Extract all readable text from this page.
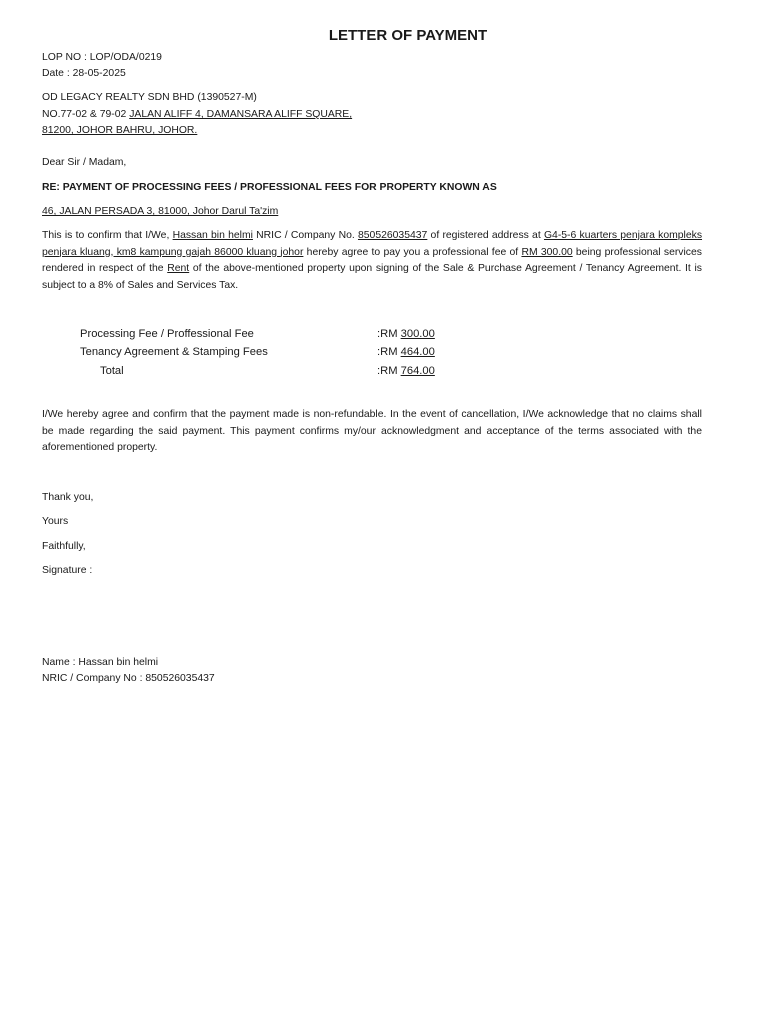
LETTER OF PAYMENT
LOP NO : LOP/ODA/0219
Date : 28-05-2025
OD LEGACY REALTY SDN BHD (1390527-M)
NO.77-02 & 79-02 JALAN ALIFF 4, DAMANSARA ALIFF SQUARE,
81200, JOHOR BAHRU, JOHOR.
Dear Sir / Madam,
RE: PAYMENT OF PROCESSING FEES / PROFESSIONAL FEES FOR PROPERTY KNOWN AS
46, JALAN PERSADA 3, 81000, Johor Darul Ta'zim
This is to confirm that I/We, Hassan bin helmi NRIC / Company No. 850526035437 of registered address at G4-5-6 kuarters penjara kompleks penjara kluang, km8 kampung gajah 86000 kluang johor hereby agree to pay you a professional fee of RM 300.00 being professional services rendered in respect of the Rent of the above-mentioned property upon signing of the Sale & Purchase Agreement / Tenancy Agreement. It is subject to a 8% of Sales and Services Tax.
Processing Fee / Proffessional Fee	:RM 300.00
Tenancy Agreement & Stamping Fees	:RM 464.00
Total	:RM 764.00
I/We hereby agree and confirm that the payment made is non-refundable. In the event of cancellation, I/We acknowledge that no claims shall be made regarding the said payment. This payment confirms my/our acknowledgment and acceptance of the terms associated with the aforementioned property.
Thank you,
Yours
Faithfully,
Signature :
Name : Hassan bin helmi
NRIC / Company No : 850526035437
